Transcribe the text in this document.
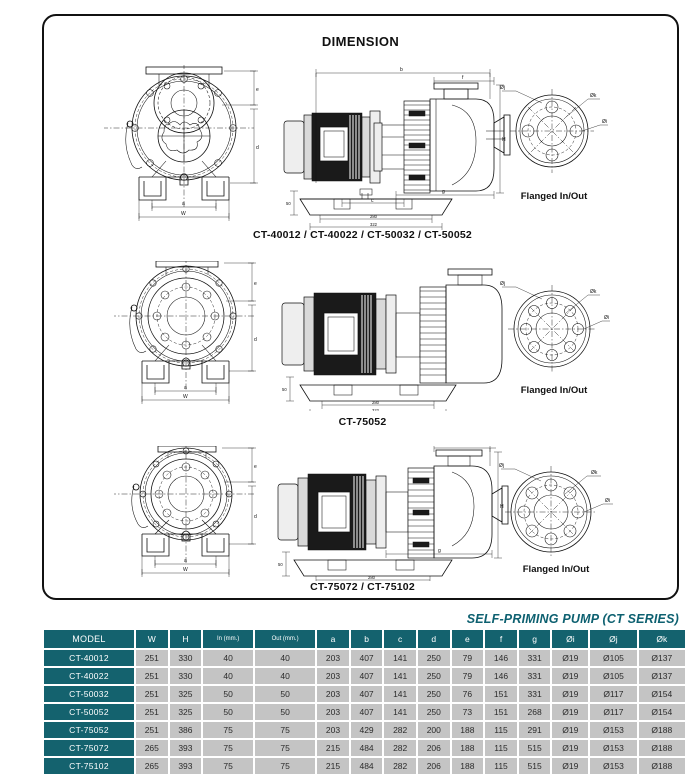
DIMENSION
e
d
a
W
b
f
H
50	c
g
280
322
Øj
Øk
Øi
Flanged In/Out
CT-40012 / CT-40022 / CT-50032 / CT-50052
e
d
a
W
50
280
322
Øj
Øk
Øi
Flanged In/Out
CT-75052
e
d
a
W
50
280
H
g
Øj
Øk
Øi
Flanged In/Out
CT-75072 / CT-75102
SELF-PRIMING PUMP (CT SERIES)
MODEL	W	H	In (mm.)	Out (mm.)	a	b	c	d	e	f	g	Øi	Øj	Øk
CT-40012	251	330	40	40	203	407	141	250	79	146	331	Ø19	Ø105	Ø137
CT-40022	251	330	40	40	203	407	141	250	79	146	331	Ø19	Ø105	Ø137
CT-50032	251	325	50	50	203	407	141	250	76	151	331	Ø19	Ø117	Ø154
CT-50052	251	325	50	50	203	407	141	250	73	151	268	Ø19	Ø117	Ø154
CT-75052	251	386	75	75	203	429	282	200	188	115	291	Ø19	Ø153	Ø188
CT-75072	265	393	75	75	215	484	282	206	188	115	515	Ø19	Ø153	Ø188
CT-75102	265	393	75	75	215	484	282	206	188	115	515	Ø19	Ø153	Ø188
